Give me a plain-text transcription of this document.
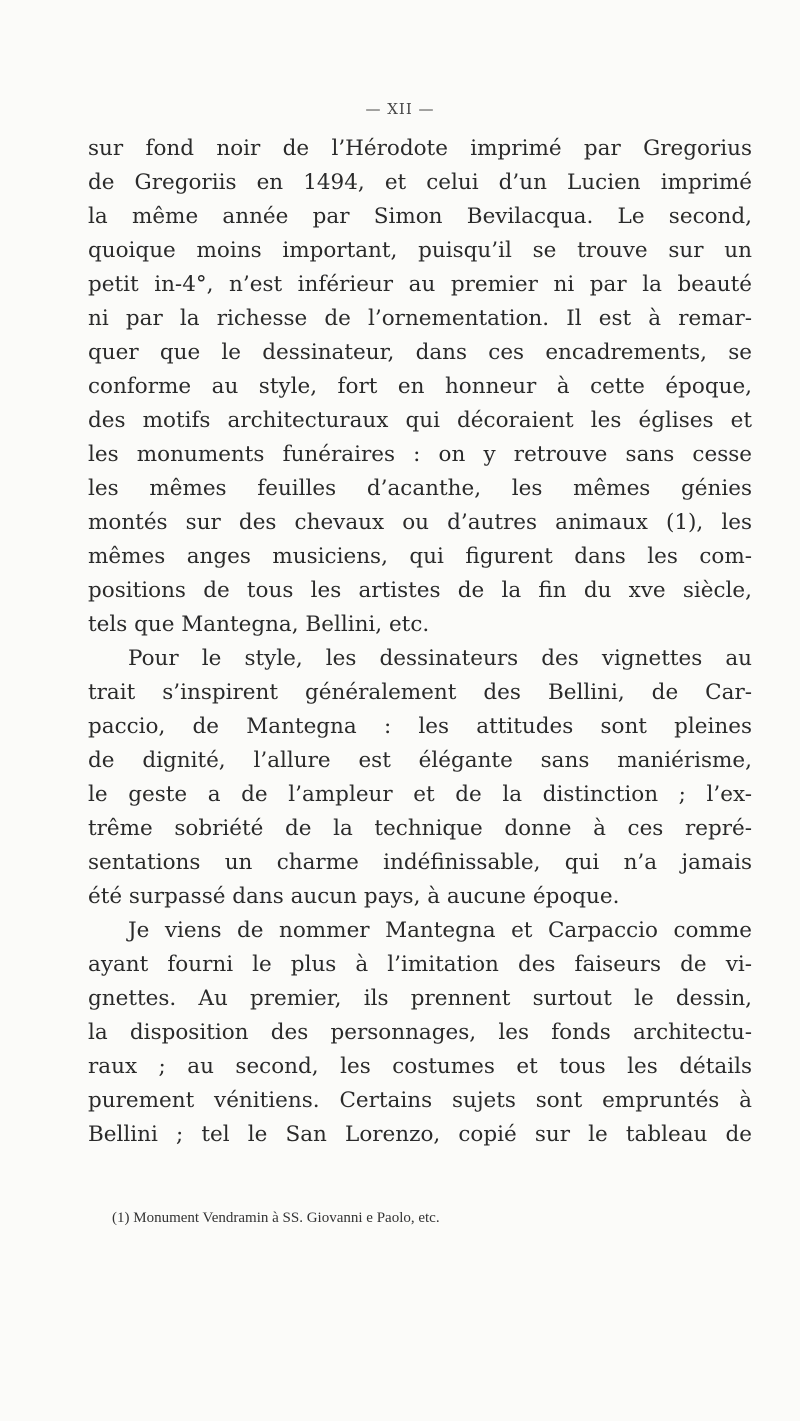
— XII —
sur fond noir de l’Hérodote imprimé par Gregorius
de Gregoriis en 1494, et celui d’un Lucien imprimé
la même année par Simon Bevilacqua. Le second,
quoique moins important, puisqu’il se trouve sur un
petit in-4°, n’est inférieur au premier ni par la beauté
ni par la richesse de l’ornementation. Il est à remar-
quer que le dessinateur, dans ces encadrements, se
conforme au style, fort en honneur à cette époque,
des motifs architecturaux qui décoraient les églises et
les monuments funéraires : on y retrouve sans cesse
les mêmes feuilles d’acanthe, les mêmes génies
montés sur des chevaux ou d’autres animaux (1), les
mêmes anges musiciens, qui figurent dans les com-
positions de tous les artistes de la fin du xve siècle,
tels que Mantegna, Bellini, etc.
Pour le style, les dessinateurs des vignettes au
trait s’inspirent généralement des Bellini, de Car-
paccio, de Mantegna : les attitudes sont pleines
de dignité, l’allure est élégante sans maniérisme,
le geste a de l’ampleur et de la distinction ; l’ex-
trême sobriété de la technique donne à ces repré-
sentations un charme indéfinissable, qui n’a jamais
été surpassé dans aucun pays, à aucune époque.
Je viens de nommer Mantegna et Carpaccio comme
ayant fourni le plus à l’imitation des faiseurs de vi-
gnettes. Au premier, ils prennent surtout le dessin,
la disposition des personnages, les fonds architectu-
raux ; au second, les costumes et tous les détails
purement vénitiens. Certains sujets sont empruntés à
Bellini ; tel le San Lorenzo, copié sur le tableau de
(1) Monument Vendramin à SS. Giovanni e Paolo, etc.
